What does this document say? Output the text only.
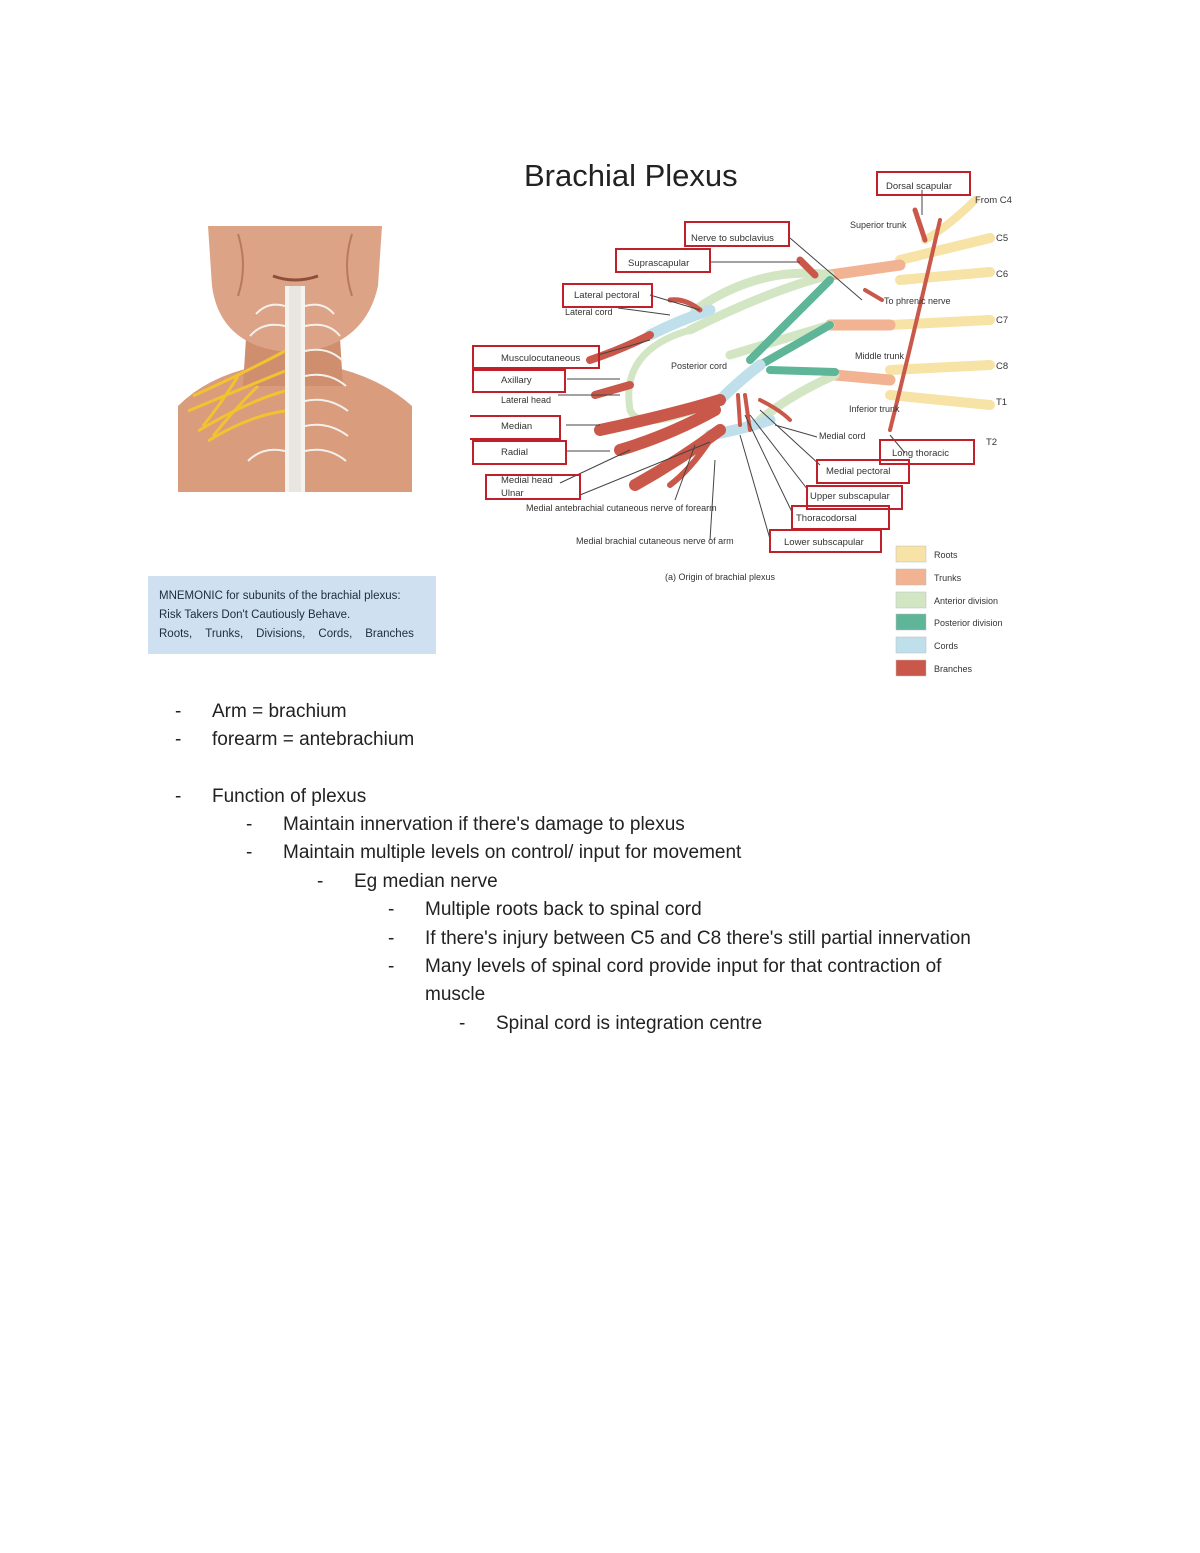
MNEMONIC for subunits of the brachial plexus:
Risk Takers Don't Cautiously Behave.
Roots, Trunks, Divisions, Cords, Branches
Brachial Plexus	Dorsal scapular
Nerve to subclavius
Suprascapular
Lateral pectoral
Musculocutaneous
Axillary
Median
Radial
Medial head
Ulnar
Long thoracic
Medial pectoral
Upper subscapular
Thoracodorsal
Lower subscapular
From C4
C5
C6
C7
C8
T1
T2
Superior trunk
To phrenic nerve
Middle trunk
Inferior trunk
Medial cord
Posterior cord
Lateral cord
Lateral head
Medial antebrachial cutaneous nerve of forearm
Medial brachial cutaneous nerve of arm
(a) Origin of brachial plexus
Roots
Trunks
Anterior division
Posterior division
Cords
Branches
- Arm = brachium
- forearm = antebrachium
- Function of plexus
- Maintain innervation if there's damage to plexus
- Maintain multiple levels on control/ input for movement
- Eg median nerve
- Multiple roots back to spinal cord
- If there's injury between C5 and C8 there's still partial innervation
- Many levels of spinal cord provide input for that contraction of
muscle
- Spinal cord is integration centre
